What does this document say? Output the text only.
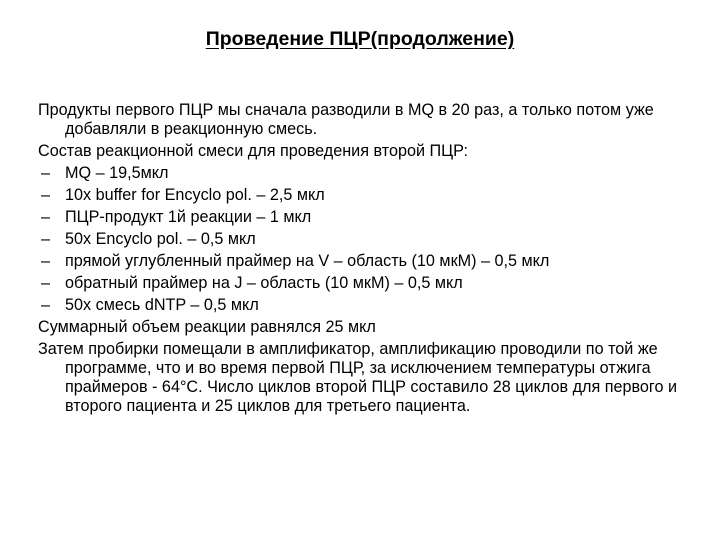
Проведение ПЦР(продолжение)

Продукты первого ПЦР мы сначала разводили в MQ в 20 раз, а только потом уже добавляли в реакционную смесь.

Состав реакционной смеси для проведения второй ПЦР:

– MQ – 19,5мкл
– 10х buffer for Encyclo pol. – 2,5 мкл
– ПЦР-продукт 1й реакции – 1 мкл
– 50х Encyclo pol. – 0,5 мкл
– прямой углубленный праймер на V – область (10 мкМ) – 0,5 мкл
– обратный праймер на J – область (10 мкМ) – 0,5 мкл
– 50х смесь dNTP – 0,5 мкл

Суммарный объем реакции равнялся 25 мкл

Затем пробирки помещали в амплификатор, амплификацию проводили по той же программе, что и во время первой ПЦР, за исключением температуры отжига праймеров - 64°С. Число циклов второй ПЦР составило 28 циклов для первого и второго пациента и 25 циклов для третьего пациента.
